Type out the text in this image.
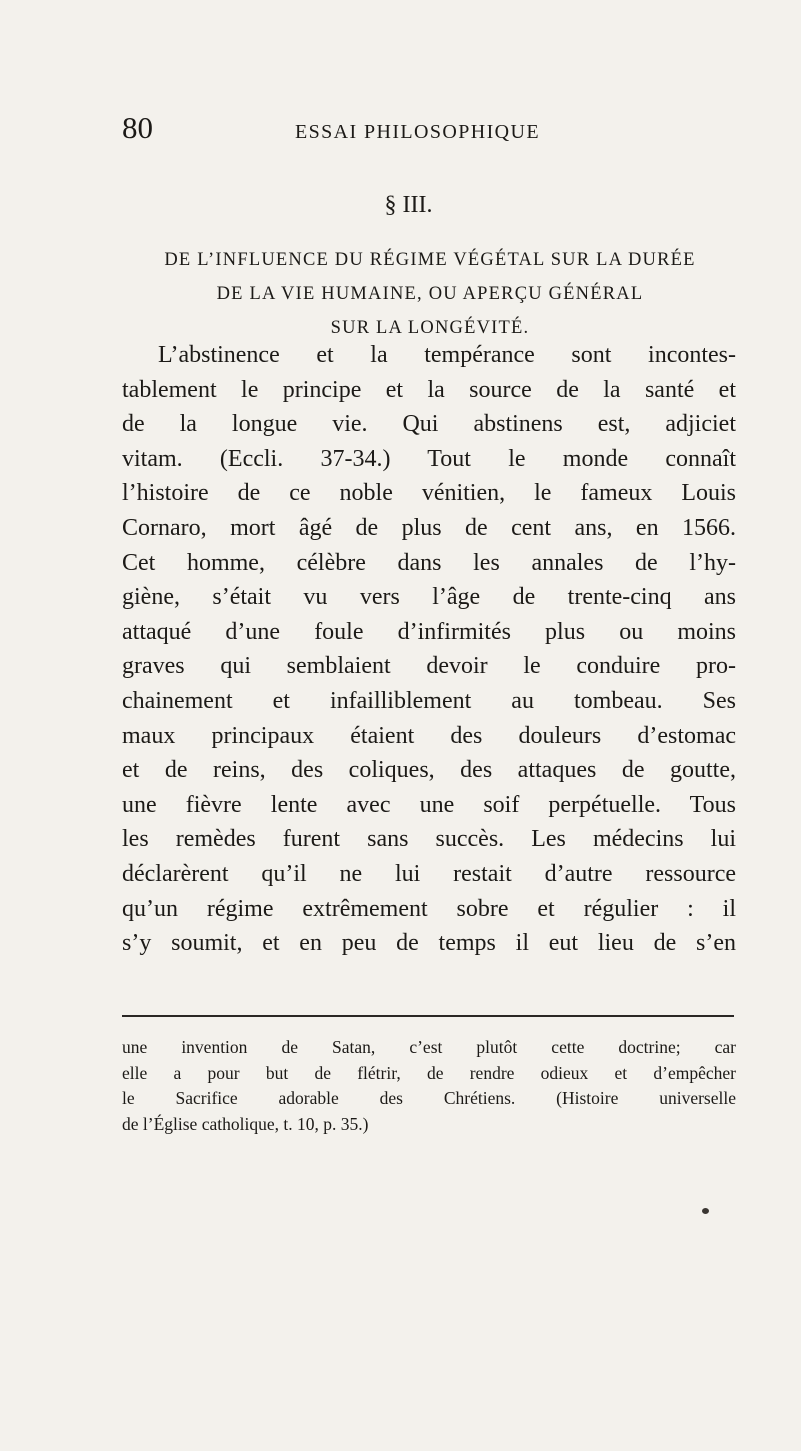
80	ESSAI PHILOSOPHIQUE
§ III.
DE L’INFLUENCE DU RÉGIME VÉGÉTAL SUR LA DURÉE
DE LA VIE HUMAINE, OU APERÇU GÉNÉRAL
SUR LA LONGÉVITÉ.
L’abstinence et la tempérance sont incontes-
tablement le principe et la source de la santé et
de la longue vie. Qui abstinens est, adjiciet
vitam. (Eccli. 37-34.) Tout le monde connaît
l’histoire de ce noble vénitien, le fameux Louis
Cornaro, mort âgé de plus de cent ans, en 1566.
Cet homme, célèbre dans les annales de l’hy-
giène, s’était vu vers l’âge de trente-cinq ans
attaqué d’une foule d’infirmités plus ou moins
graves qui semblaient devoir le conduire pro-
chainement et infailliblement au tombeau. Ses
maux principaux étaient des douleurs d’estomac
et de reins, des coliques, des attaques de goutte,
une fièvre lente avec une soif perpétuelle. Tous
les remèdes furent sans succès. Les médecins lui
déclarèrent qu’il ne lui restait d’autre ressource
qu’un régime extrêmement sobre et régulier : il
s’y soumit, et en peu de temps il eut lieu de s’en
une invention de Satan, c’est plutôt cette doctrine; car
elle a pour but de flétrir, de rendre odieux et d’empêcher
le Sacrifice adorable des Chrétiens. (Histoire universelle
de l’Église catholique, t. 10, p. 35.)
